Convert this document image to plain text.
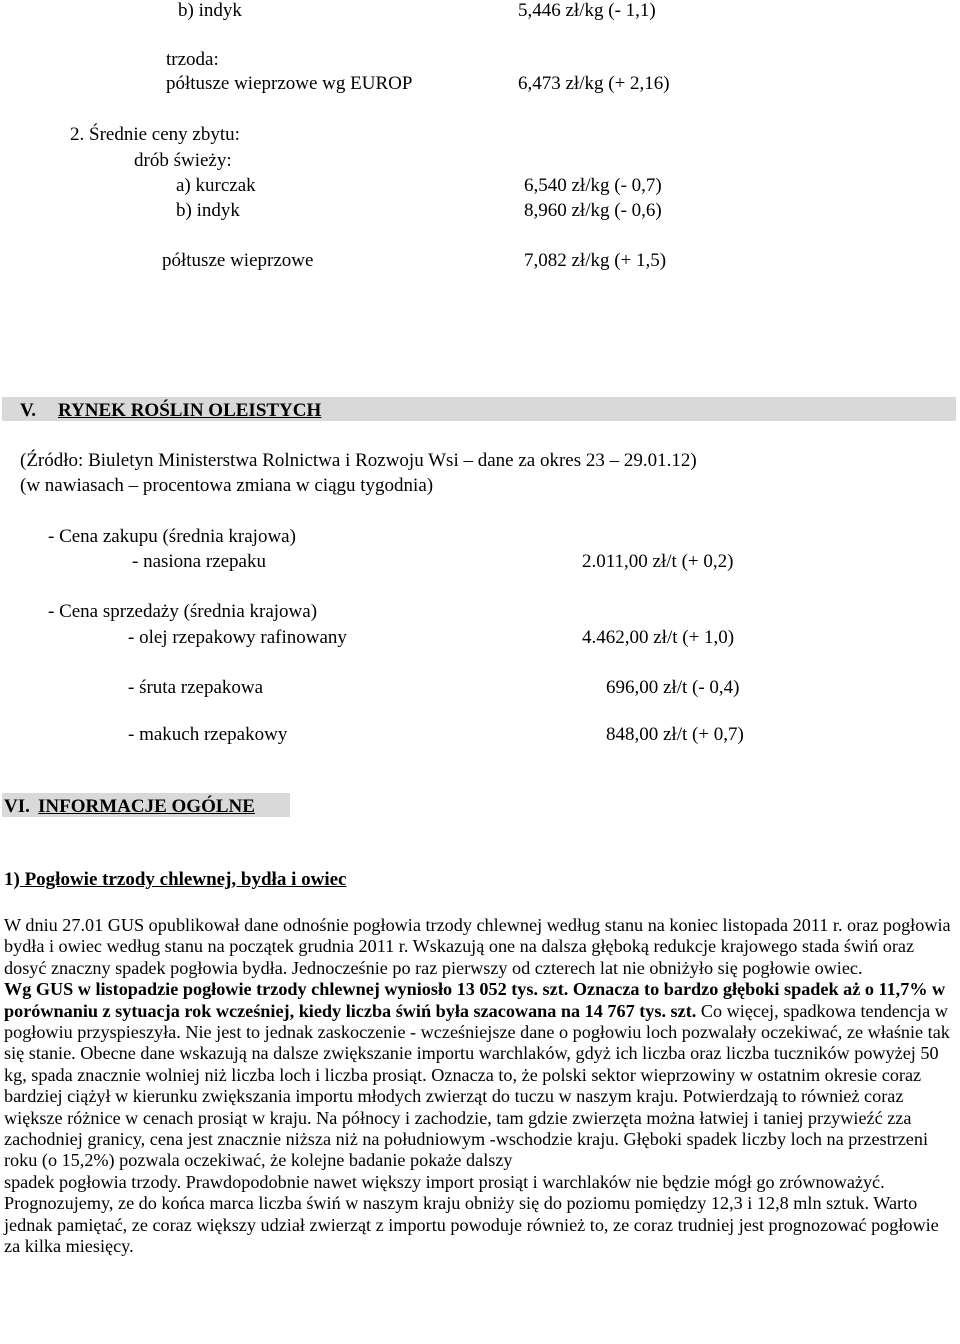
b) indyk	5,446 zł/kg (- 1,1)
trzoda:
półtusze wieprzowe wg EUROP	6,473 zł/kg (+ 2,16)
2. Średnie ceny zbytu:
drób świeży:
a) kurczak	6,540 zł/kg (- 0,7)
b) indyk	8,960 zł/kg (- 0,6)
półtusze wieprzowe	7,082 zł/kg (+ 1,5)
V. RYNEK ROŚLIN OLEISTYCH
(Źródło: Biuletyn Ministerstwa Rolnictwa i Rozwoju Wsi – dane za okres 23 – 29.01.12)
(w nawiasach – procentowa zmiana w ciągu tygodnia)
- Cena zakupu (średnia krajowa)
- nasiona rzepaku	2.011,00 zł/t (+ 0,2)
- Cena sprzedaży (średnia krajowa)
- olej rzepakowy rafinowany	4.462,00 zł/t (+ 1,0)
- śruta rzepakowa	696,00 zł/t (- 0,4)
- makuch rzepakowy	848,00 zł/t (+ 0,7)
VI. INFORMACJE OGÓLNE
1) Pogłowie trzody chlewnej, bydła i owiec

W dniu 27.01 GUS opublikował dane odnośnie pogłowia trzody chlewnej według stanu na koniec listopada 2011 r. oraz pogłowia bydła i owiec według stanu na początek grudnia 2011 r. Wskazują one na dalsza głęboką redukcje krajowego stada świń oraz dosyć znaczny spadek pogłowia bydła. Jednocześnie po raz pierwszy od czterech lat nie obniżyło się pogłowie owiec.

Wg GUS w listopadzie pogłowie trzody chlewnej wyniosło 13 052 tys. szt. Oznacza to bardzo głęboki spadek aż o 11,7% w porównaniu z sytuacja rok wcześniej, kiedy liczba świń była szacowana na 14 767 tys. szt. Co więcej, spadkowa tendencja w pogłowiu przyspieszyła. Nie jest to jednak zaskoczenie - wcześniejsze dane o pogłowiu loch pozwalały oczekiwać, ze właśnie tak się stanie. Obecne dane wskazują na dalsze zwiększanie importu warchlaków, gdyż ich liczba oraz liczba tuczników powyżej 50 kg, spada znacznie wolniej niż liczba loch i liczba prosiąt. Oznacza to, że polski sektor wieprzowiny w ostatnim okresie coraz bardziej ciążył w kierunku zwiększania importu młodych zwierząt do tuczu w naszym kraju. Potwierdzają to również coraz większe różnice w cenach prosiąt w kraju. Na północy i zachodzie, tam gdzie zwierzęta można łatwiej i taniej przywieźć zza zachodniej granicy, cena jest znacznie niższa niż na południowym -wschodzie kraju. Głęboki spadek liczby loch na przestrzeni roku (o 15,2%) pozwala oczekiwać, że kolejne badanie pokaże dalszy

spadek pogłowia trzody. Prawdopodobnie nawet większy import prosiąt i warchlaków nie będzie mógł go zrównoważyć. Prognozujemy, ze do końca marca liczba świń w naszym kraju obniży się do poziomu pomiędzy 12,3 i 12,8 mln sztuk. Warto jednak pamiętać, ze coraz większy udział zwierząt z importu powoduje również to, ze coraz trudniej jest prognozować pogłowie za kilka miesięcy.
